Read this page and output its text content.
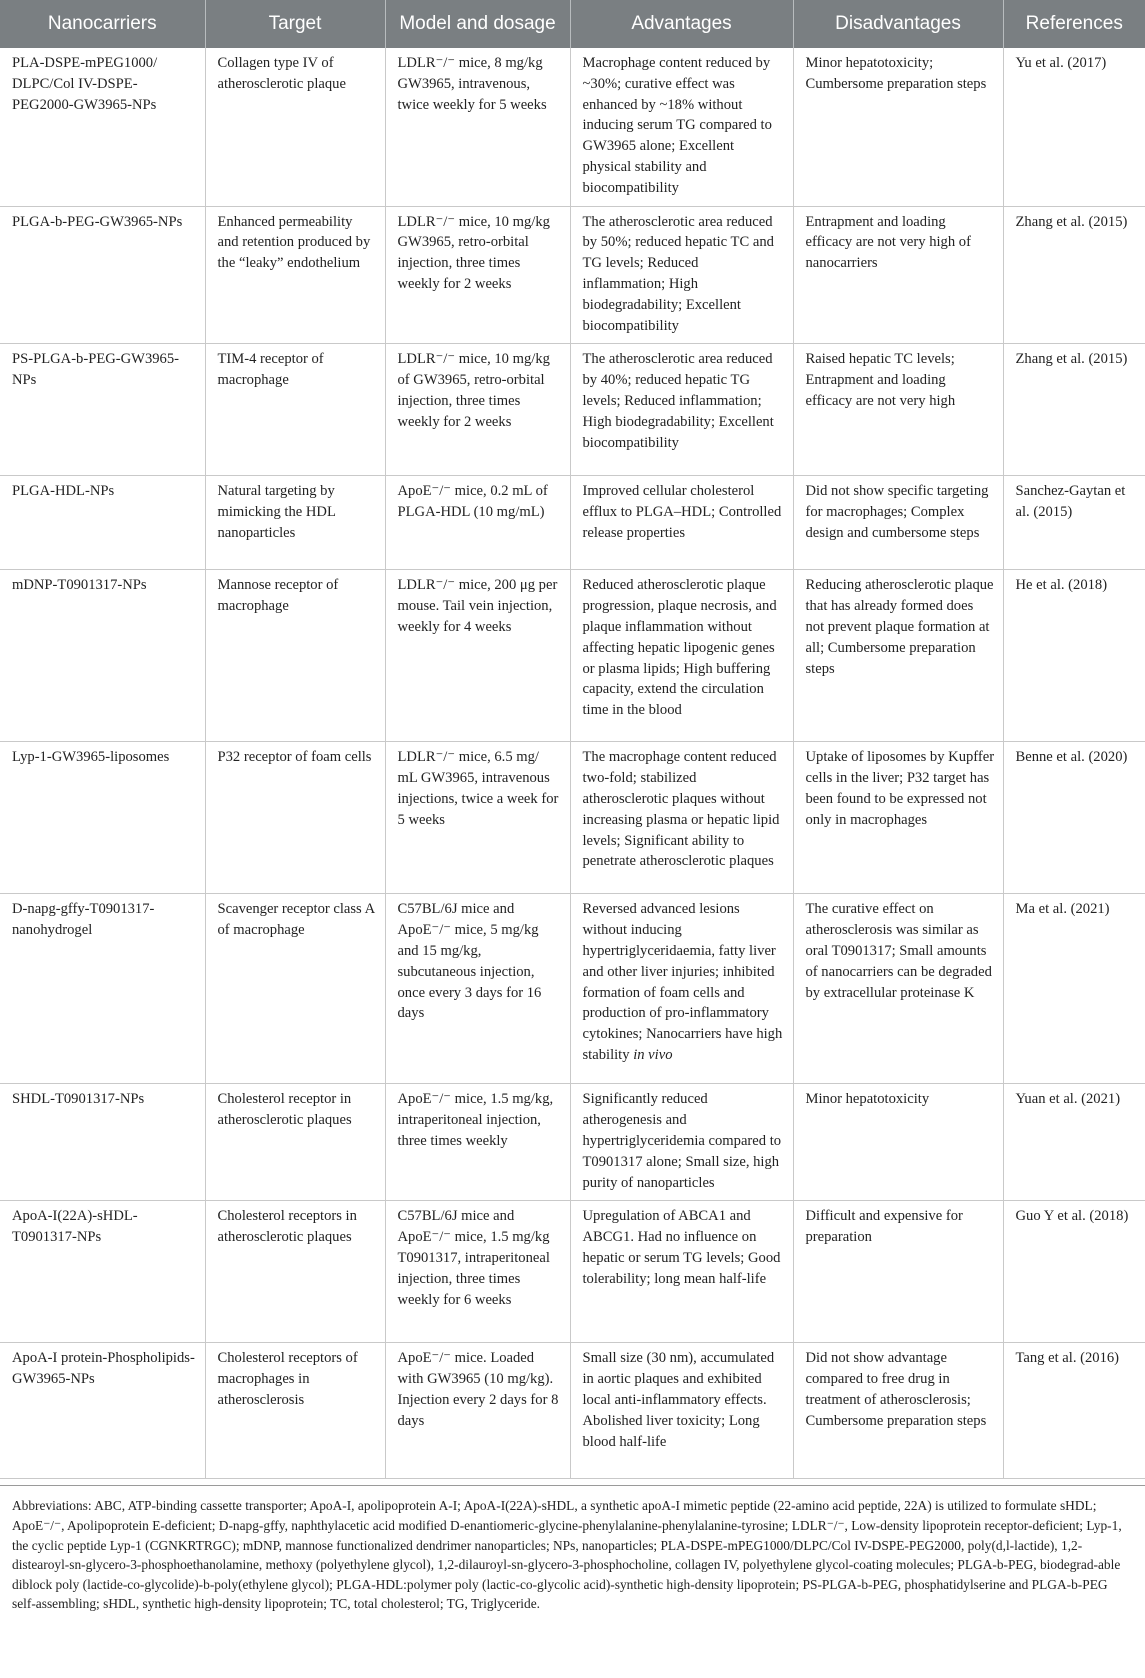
Nanocarriers	Target	Model and dosage	Advantages	Disadvantages	References
PLA-DSPE-mPEG1000/ DLPC/Col IV-DSPE-PEG2000-GW3965-NPs	Collagen type IV of atherosclerotic plaque	LDLR⁻/⁻ mice, 8 mg/kg GW3965, intravenous, twice weekly for 5 weeks	Macrophage content reduced by ~30%; curative effect was enhanced by ~18% without inducing serum TG compared to GW3965 alone; Excellent physical stability and biocompatibility	Minor hepatotoxicity; Cumbersome preparation steps	Yu et al. (2017)
PLGA-b-PEG-GW3965-NPs	Enhanced permeability and retention produced by the “leaky” endothelium	LDLR⁻/⁻ mice, 10 mg/kg GW3965, retro-orbital injection, three times weekly for 2 weeks	The atherosclerotic area reduced by 50%; reduced hepatic TC and TG levels; Reduced inflammation; High biodegradability; Excellent biocompatibility	Entrapment and loading efficacy are not very high of nanocarriers	Zhang et al. (2015)
PS-PLGA-b-PEG-GW3965-NPs	TIM-4 receptor of macrophage	LDLR⁻/⁻ mice, 10 mg/kg of GW3965, retro-orbital injection, three times weekly for 2 weeks	The atherosclerotic area reduced by 40%; reduced hepatic TG levels; Reduced inflammation; High biodegradability; Excellent biocompatibility	Raised hepatic TC levels; Entrapment and loading efficacy are not very high	Zhang et al. (2015)
PLGA-HDL-NPs	Natural targeting by mimicking the HDL nanoparticles	ApoE⁻/⁻ mice, 0.2 mL of PLGA-HDL (10 mg/mL)	Improved cellular cholesterol efflux to PLGA–HDL; Controlled release properties	Did not show specific targeting for macrophages; Complex design and cumbersome steps	Sanchez-Gaytan et al. (2015)
mDNP-T0901317-NPs	Mannose receptor of macrophage	LDLR⁻/⁻ mice, 200 μg per mouse. Tail vein injection, weekly for 4 weeks	Reduced atherosclerotic plaque progression, plaque necrosis, and plaque inflammation without affecting hepatic lipogenic genes or plasma lipids; High buffering capacity, extend the circulation time in the blood	Reducing atherosclerotic plaque that has already formed does not prevent plaque formation at all; Cumbersome preparation steps	He et al. (2018)
Lyp-1-GW3965-liposomes	P32 receptor of foam cells	LDLR⁻/⁻ mice, 6.5 mg/ mL GW3965, intravenous injections, twice a week for 5 weeks	The macrophage content reduced two-fold; stabilized atherosclerotic plaques without increasing plasma or hepatic lipid levels; Significant ability to penetrate atherosclerotic plaques	Uptake of liposomes by Kupffer cells in the liver; P32 target has been found to be expressed not only in macrophages	Benne et al. (2020)
D-napg-gffy-T0901317-nanohydrogel	Scavenger receptor class A of macrophage	C57BL/6J mice and ApoE⁻/⁻ mice, 5 mg/kg and 15 mg/kg, subcutaneous injection, once every 3 days for 16 days	Reversed advanced lesions without inducing hypertriglyceridaemia, fatty liver and other liver injuries; inhibited formation of foam cells and production of pro-inflammatory cytokines; Nanocarriers have high stability in vivo	The curative effect on atherosclerosis was similar as oral T0901317; Small amounts of nanocarriers can be degraded by extracellular proteinase K	Ma et al. (2021)
SHDL-T0901317-NPs	Cholesterol receptor in atherosclerotic plaques	ApoE⁻/⁻ mice, 1.5 mg/kg, intraperitoneal injection, three times weekly	Significantly reduced atherogenesis and hypertriglyceridemia compared to T0901317 alone; Small size, high purity of nanoparticles	Minor hepatotoxicity	Yuan et al. (2021)
ApoA-I(22A)-sHDL-T0901317-NPs	Cholesterol receptors in atherosclerotic plaques	C57BL/6J mice and ApoE⁻/⁻ mice, 1.5 mg/kg T0901317, intraperitoneal injection, three times weekly for 6 weeks	Upregulation of ABCA1 and ABCG1. Had no influence on hepatic or serum TG levels; Good tolerability; long mean half-life	Difficult and expensive for preparation	Guo Y et al. (2018)
ApoA-I protein-Phospholipids-GW3965-NPs	Cholesterol receptors of macrophages in atherosclerosis	ApoE⁻/⁻ mice. Loaded with GW3965 (10 mg/kg). Injection every 2 days for 8 days	Small size (30 nm), accumulated in aortic plaques and exhibited local anti-inflammatory effects. Abolished liver toxicity; Long blood half-life	Did not show advantage compared to free drug in treatment of atherosclerosis; Cumbersome preparation steps	Tang et al. (2016)
Abbreviations: ABC, ATP-binding cassette transporter; ApoA-I, apolipoprotein A-I; ApoA-I(22A)-sHDL, a synthetic apoA-I mimetic peptide (22-amino acid peptide, 22A) is utilized to formulate sHDL; ApoE⁻/⁻, Apolipoprotein E-deficient; D-napg-gffy, naphthylacetic acid modified D-enantiomeric-glycine-phenylalanine-phenylalanine-tyrosine; LDLR⁻/⁻, Low-density lipoprotein receptor-deficient; Lyp-1, the cyclic peptide Lyp-1 (CGNKRTRGC); mDNP, mannose functionalized dendrimer nanoparticles; NPs, nanoparticles; PLA-DSPE-mPEG1000/DLPC/Col IV-DSPE-PEG2000, poly(d,l-lactide), 1,2-distearoyl-sn-glycero-3-phosphoethanolamine, methoxy (polyethylene glycol), 1,2-dilauroyl-sn-glycero-3-phosphocholine, collagen IV, polyethylene glycol-coating molecules; PLGA-b-PEG, biodegrad-able diblock poly (lactide-co-glycolide)-b-poly(ethylene glycol); PLGA-HDL:polymer poly (lactic-co-glycolic acid)-synthetic high-density lipoprotein; PS-PLGA-b-PEG, phosphatidylserine and PLGA-b-PEG self-assembling; sHDL, synthetic high-density lipoprotein; TC, total cholesterol; TG, Triglyceride.
